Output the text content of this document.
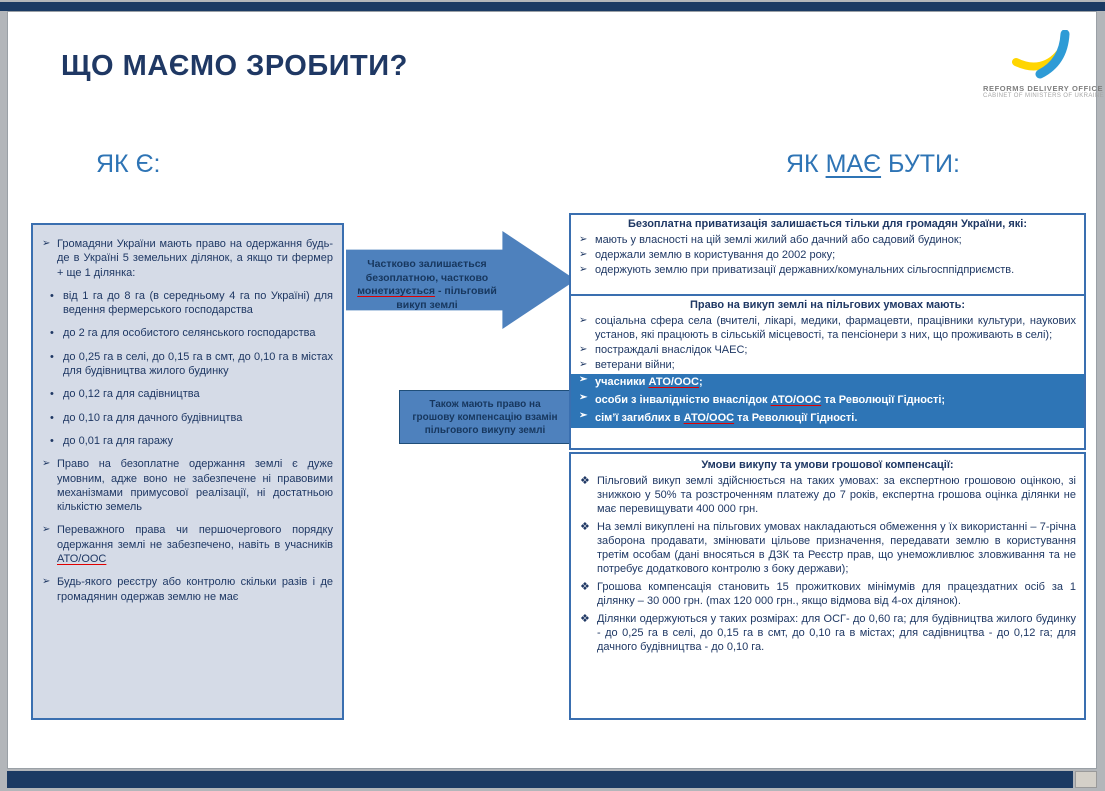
ЩО МАЄМО ЗРОБИТИ?
REFORMS DELIVERY OFFICE
CABINET OF MINISTERS OF UKRAINE
ЯК Є:	ЯК МАЄ БУТИ:
➢ Громадяни України мають право на одержання будь-де в Україні 5 земельних ділянок, а якщо ти фермер + ще 1 ділянка:
• від 1 га до 8 га (в середньому 4 га по Україні) для ведення фермерського господарства
• до 2 га для особистого селянського господарства
• до 0,25 га в селі, до 0,15 га в смт, до 0,10 га в містах для будівництва жилого будинку
• до 0,12 га для садівництва
• до 0,10 га для дачного будівництва
• до 0,01 га для гаражу
➢ Право на безоплатне одержання землі є дуже умовним, адже воно не забезпечене ні правовими механізмами примусової реалізації, ні достатньою кількістю земель
➢ Переважного права чи першочергового порядку одержання землі не забезпечено, навіть в учасників АТО/ООС
➢ Будь-якого реєстру або контролю скільки разів і де громадянин одержав землю не має
Частково залишається безоплатною, частково монетизується - пільговий викуп землі
Також мають право на грошову компенсацію взамін пільгового викупу землі
Безоплатна приватизація залишається тільки для громадян України, які:
➢ мають у власності на цій землі жилий або дачний або садовий будинок;
➢ одержали землю в користування до 2002 року;
➢ одержують землю при приватизації державних/комунальних сільгосппідприємств.
Право на викуп землі на пільгових умовах мають:
➢ соціальна сфера села (вчителі, лікарі, медики, фармацевти, працівники культури, наукових установ, які працюють в сільській місцевості, та пенсіонери з них, що проживають в селі);
➢ постраждалі внаслідок ЧАЕС;
➢ ветерани війни;
➢ учасники АТО/ООС;
➢ особи з інвалідністю внаслідок АТО/ООС та Революції Гідності;
➢ сім’ї загиблих в АТО/ООС та Революції Гідності.
Умови викупу та умови грошової компенсації:
❖ Пільговий викуп землі здійснюється на таких умовах: за експертною грошовою оцінкою, зі знижкою у 50% та розстроченням платежу до 7 років, експертна грошова оцінка ділянки не має перевищувати 400 000 грн.
❖ На землі викуплені на пільгових умовах накладаються обмеження у їх використанні – 7-річна заборона продавати, змінювати цільове призначення, передавати землю в користування третім особам (дані вносяться в ДЗК та Реєстр прав, що унеможливлює зловживання та не потребує додаткового контролю з боку держави);
❖ Грошова компенсація становить 15 прожиткових мінімумів для працездатних осіб за 1 ділянку – 30 000 грн. (max 120 000 грн., якщо відмова від 4-ох ділянок).
❖ Ділянки одержуються у таких розмірах: для ОСГ- до 0,60 га; для будівництва жилого будинку - до 0,25 га в селі, до 0,15 га в смт, до 0,10 га в містах; для садівництва - до 0,12 га; для дачного будівництва - до 0,10 га.
